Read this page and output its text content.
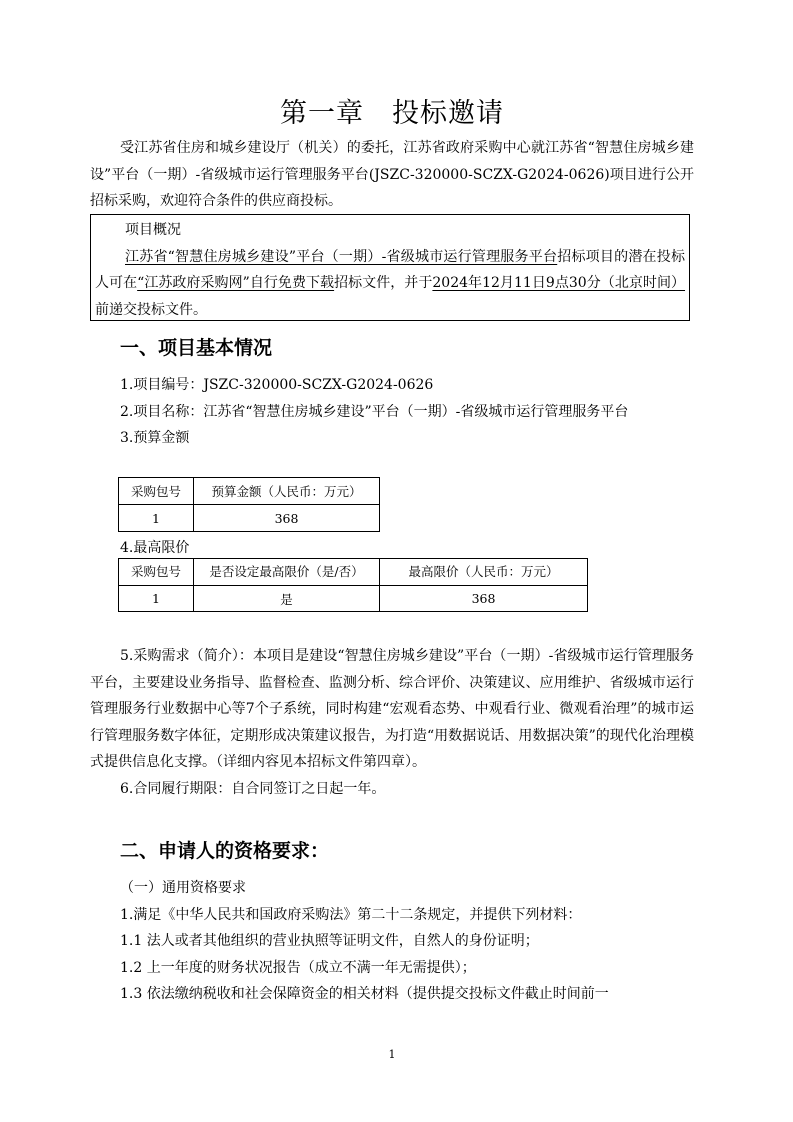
第一章　投标邀请

受江苏省住房和城乡建设厅（机关）的委托，江苏省政府采购中心就江苏省“智慧住房城乡建设”平台（一期）-省级城市运行管理服务平台(JSZC-320000-SCZX-G2024-0626)项目进行公开招标采购，欢迎符合条件的供应商投标。

项目概况

江苏省“智慧住房城乡建设”平台（一期）-省级城市运行管理服务平台招标项目的潜在投标人可在“江苏政府采购网”自行免费下载招标文件，并于2024年12月11日9点30分（北京时间）前递交投标文件。

一、项目基本情况

1.项目编号：JSZC-320000-SCZX-G2024-0626

2.项目名称：江苏省“智慧住房城乡建设”平台（一期）-省级城市运行管理服务平台

3.预算金额

采购包号	预算金额（人民币：万元）
1	368

4.最高限价

采购包号	是否设定最高限价（是/否）	最高限价（人民币：万元）
1	是	368

5.采购需求（简介）：本项目是建设“智慧住房城乡建设”平台（一期）-省级城市运行管理服务平台，主要建设业务指导、监督检查、监测分析、综合评价、决策建议、应用维护、省级城市运行管理服务行业数据中心等7个子系统，同时构建“宏观看态势、中观看行业、微观看治理”的城市运行管理服务数字体征，定期形成决策建议报告，为打造“用数据说话、用数据决策”的现代化治理模式提供信息化支撑。（详细内容见本招标文件第四章）。

6.合同履行期限：自合同签订之日起一年。

二、申请人的资格要求：

（一）通用资格要求

1.满足《中华人民共和国政府采购法》第二十二条规定，并提供下列材料：

1.1 法人或者其他组织的营业执照等证明文件，自然人的身份证明；

1.2 上一年度的财务状况报告（成立不满一年无需提供）；

1.3 依法缴纳税收和社会保障资金的相关材料（提供提交投标文件截止时间前一

1
